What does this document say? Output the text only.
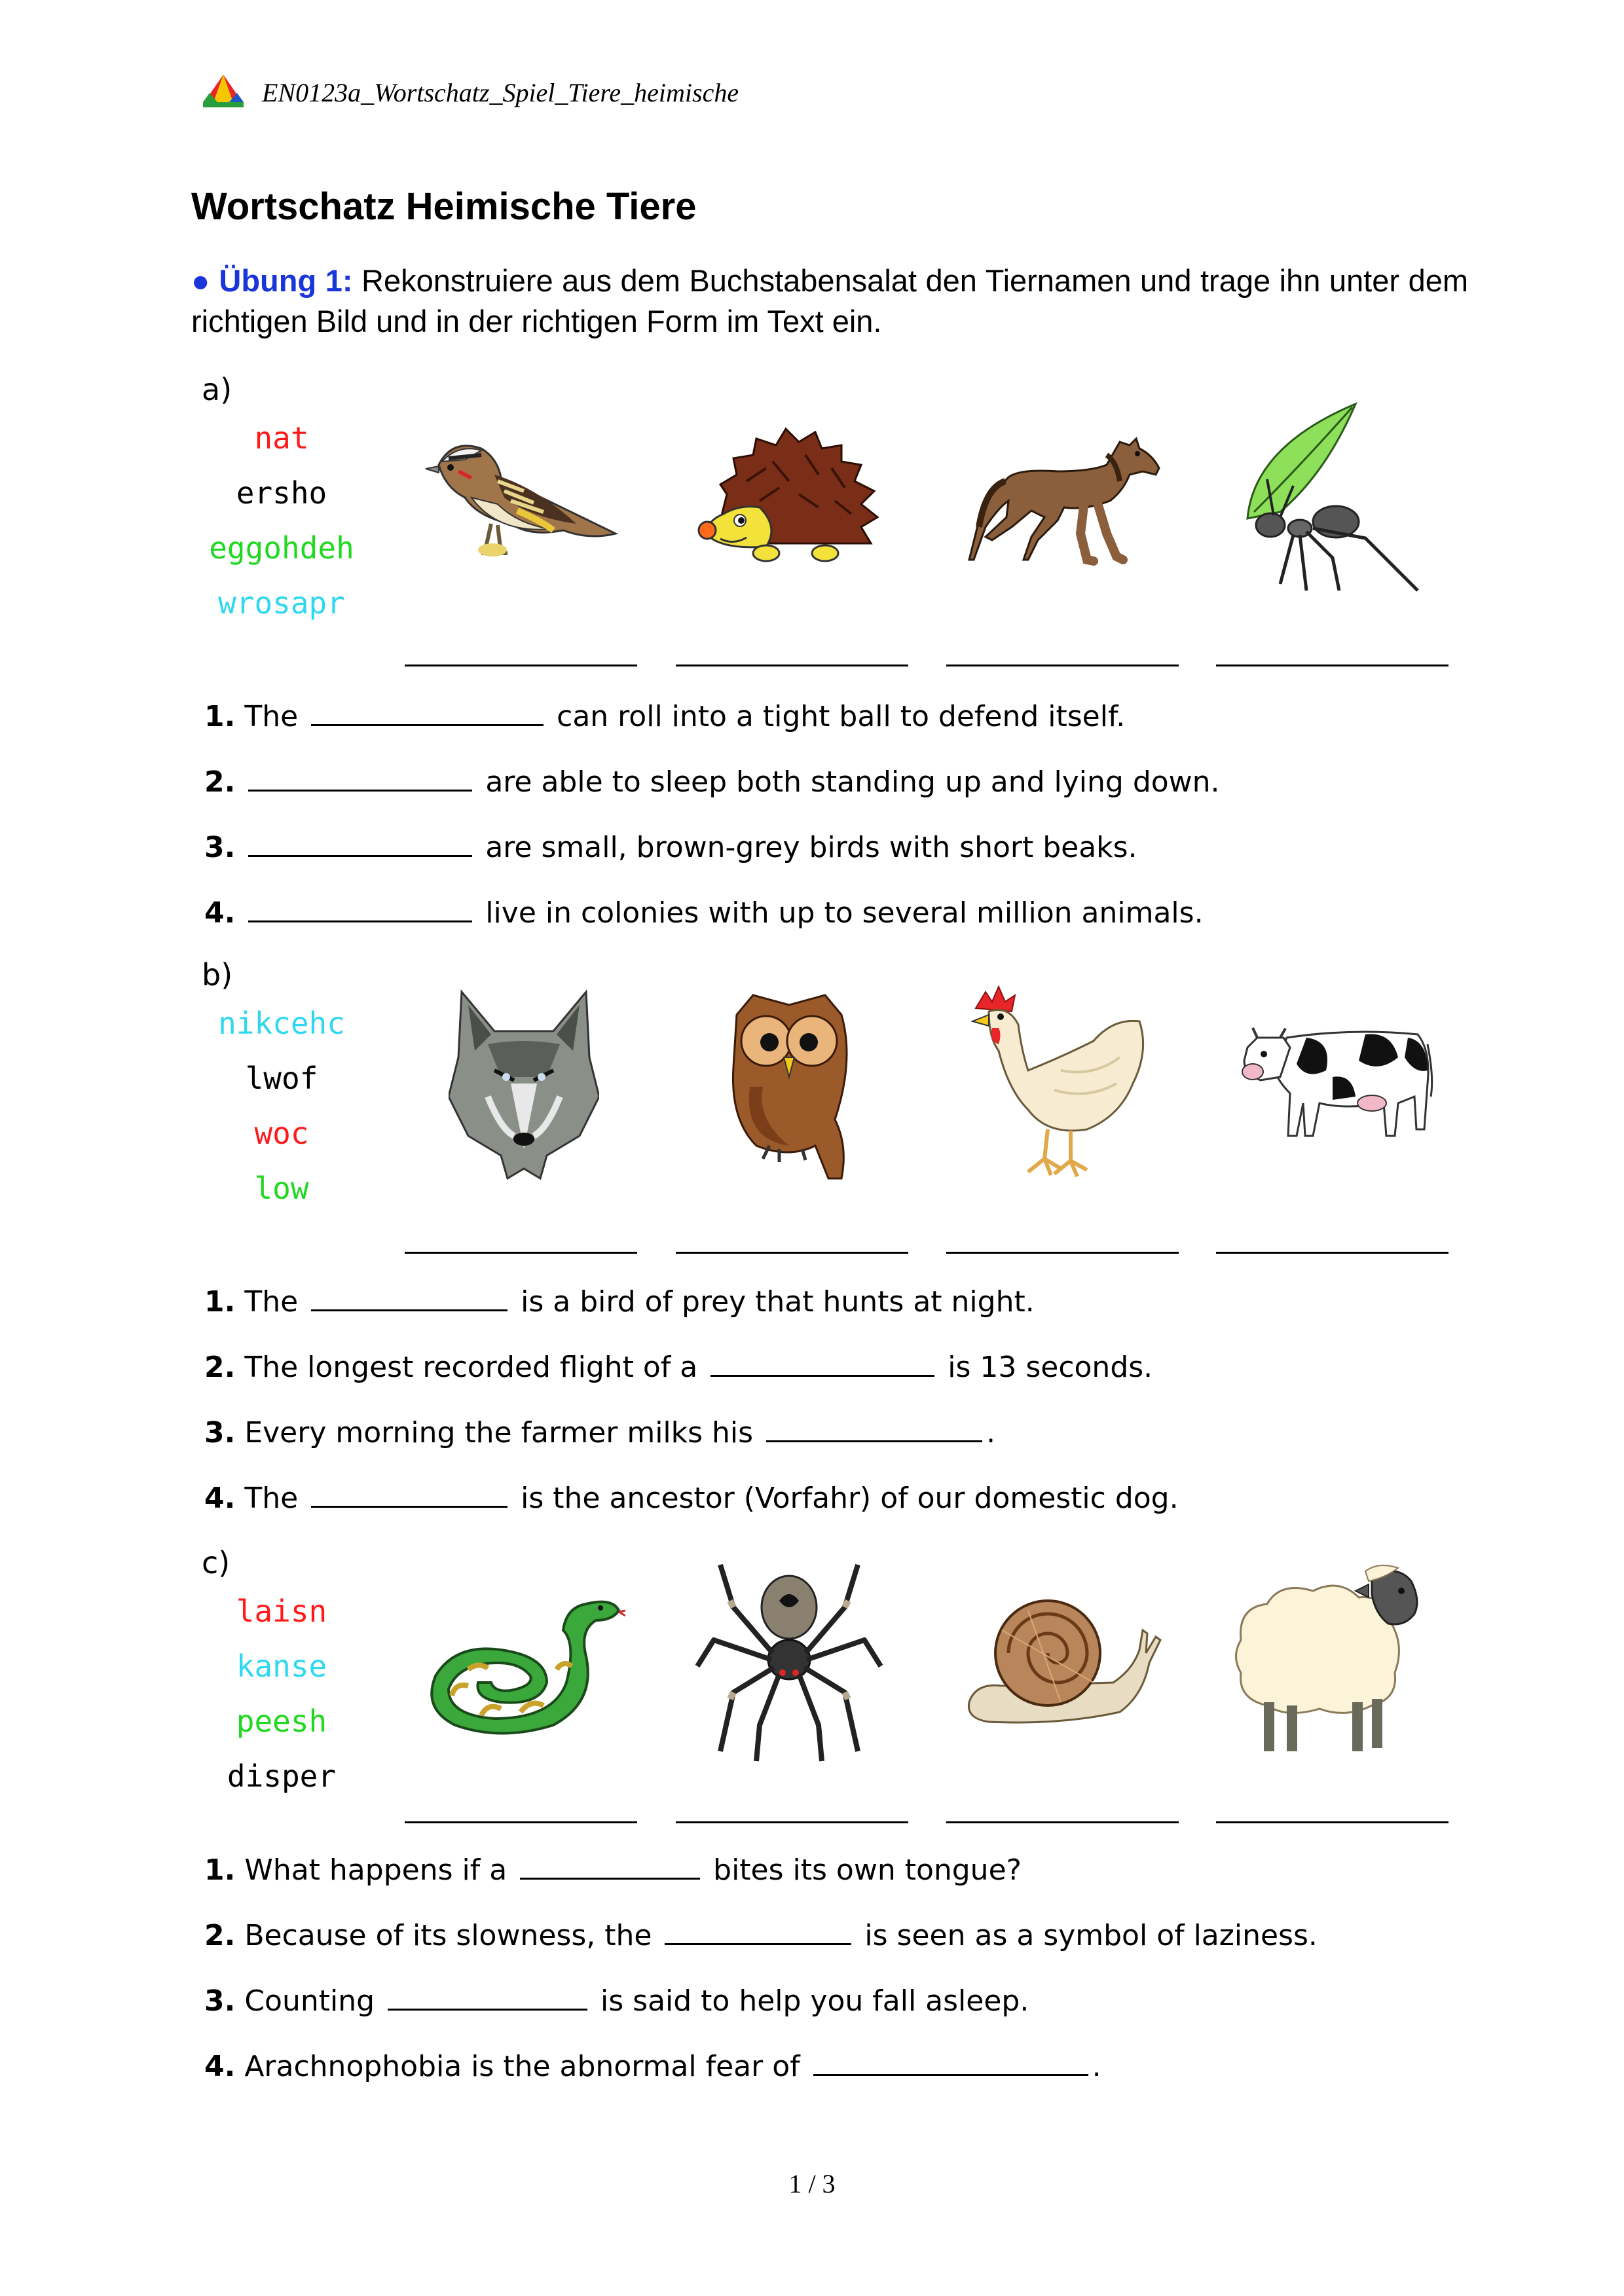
EN0123a_Wortschatz_Spiel_Tiere_heimische
Wortschatz Heimische Tiere
● Übung 1: Rekonstruiere aus dem Buchstabensalat den Tiernamen und trage ihn unter dem richtigen Bild und in der richtigen Form im Text ein.
a)
nat
ersho
eggohdeh
wrosapr
1. The	can roll into a tight ball to defend itself.
2.	are able to sleep both standing up and lying down.
3.	are small, brown-grey birds with short beaks.
4.	live in colonies with up to several million animals.
b)
nikcehc
lwof
woc
low
1. The	is a bird of prey that hunts at night.
2. The longest recorded flight of a	is 13 seconds.
3. Every morning the farmer milks his	.
4. The	is the ancestor (Vorfahr) of our domestic dog.
c)
laisn
kanse
peesh
disper
1. What happens if a	bites its own tongue?
2. Because of its slowness, the	is seen as a symbol of laziness.
3. Counting	is said to help you fall asleep.
4. Arachnophobia is the abnormal fear of	.
1 / 3
